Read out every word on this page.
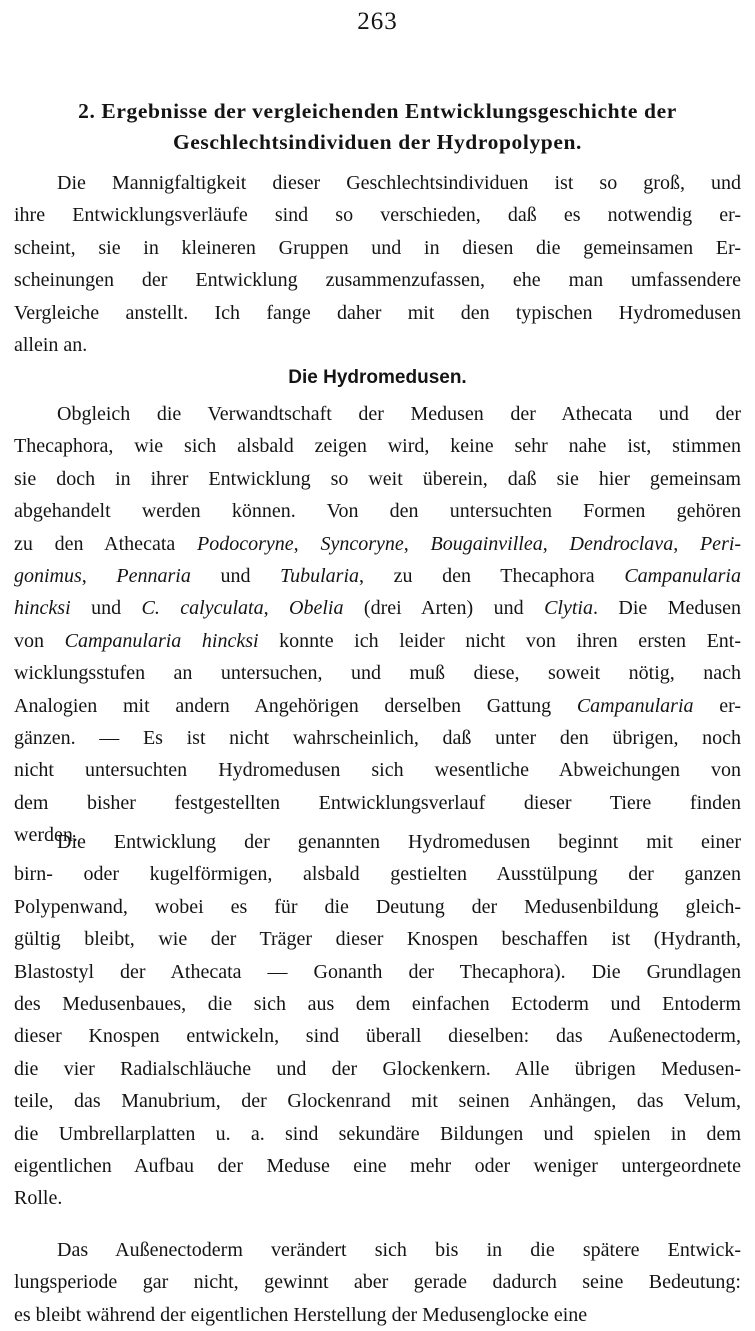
263
2. Ergebnisse der vergleichenden Entwicklungsgeschichte der
Geschlechtsindividuen der Hydropolypen.
Die Mannigfaltigkeit dieser Geschlechtsindividuen ist so groß, und
ihre Entwicklungsverläufe sind so verschieden, daß es notwendig er-
scheint, sie in kleineren Gruppen und in diesen die gemeinsamen Er-
scheinungen der Entwicklung zusammenzufassen, ehe man umfassendere
Vergleiche anstellt. Ich fange daher mit den typischen Hydromedusen
allein an.
Die Hydromedusen.
Obgleich die Verwandtschaft der Medusen der Athecata und der
Thecaphora, wie sich alsbald zeigen wird, keine sehr nahe ist, stimmen
sie doch in ihrer Entwicklung so weit überein, daß sie hier gemeinsam
abgehandelt werden können. Von den untersuchten Formen gehören
zu den Athecata Podocoryne, Syncoryne, Bougainvillea, Dendroclava, Peri-
gonimus, Pennaria und Tubularia, zu den Thecaphora Campanularia
hincksi und C. calyculata, Obelia (drei Arten) und Clytia. Die Medusen
von Campanularia hincksi konnte ich leider nicht von ihren ersten Ent-
wicklungsstufen an untersuchen, und muß diese, soweit nötig, nach
Analogien mit andern Angehörigen derselben Gattung Campanularia er-
gänzen. — Es ist nicht wahrscheinlich, daß unter den übrigen, noch
nicht untersuchten Hydromedusen sich wesentliche Abweichungen von
dem bisher festgestellten Entwicklungsverlauf dieser Tiere finden
werden.
Die Entwicklung der genannten Hydromedusen beginnt mit einer
birn- oder kugelförmigen, alsbald gestielten Ausstülpung der ganzen
Polypenwand, wobei es für die Deutung der Medusenbildung gleich-
gültig bleibt, wie der Träger dieser Knospen beschaffen ist (Hydranth,
Blastostyl der Athecata — Gonanth der Thecaphora). Die Grundlagen
des Medusenbaues, die sich aus dem einfachen Ectoderm und Entoderm
dieser Knospen entwickeln, sind überall dieselben: das Außenectoderm,
die vier Radialschläuche und der Glockenkern. Alle übrigen Medusen-
teile, das Manubrium, der Glockenrand mit seinen Anhängen, das Velum,
die Umbrellarplatten u. a. sind sekundäre Bildungen und spielen in dem
eigentlichen Aufbau der Meduse eine mehr oder weniger untergeordnete
Rolle.
Das Außenectoderm verändert sich bis in die spätere Entwick-
lungsperiode gar nicht, gewinnt aber gerade dadurch seine Bedeutung:
es bleibt während der eigentlichen Herstellung der Medusenglocke eine
